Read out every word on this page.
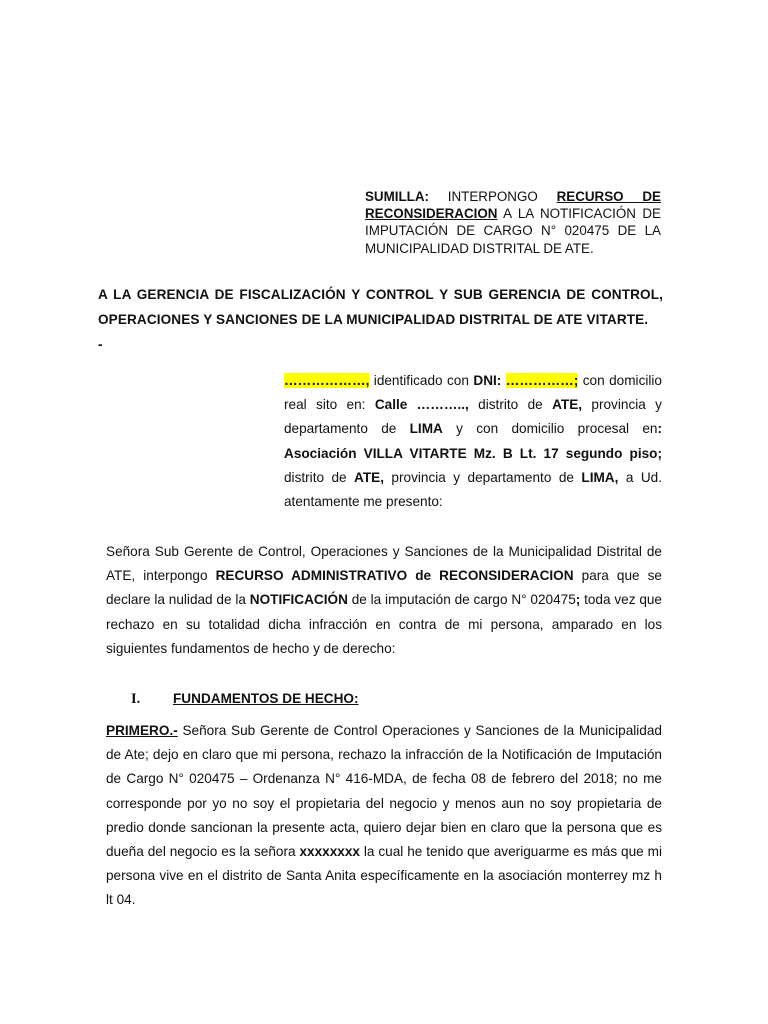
SUMILLA: INTERPONGO RECURSO DE RECONSIDERACION A LA NOTIFICACIÓN DE IMPUTACIÓN DE CARGO N° 020475 DE LA MUNICIPALIDAD DISTRITAL DE ATE.

A LA GERENCIA DE FISCALIZACIÓN Y CONTROL Y SUB GERENCIA DE CONTROL, OPERACIONES Y SANCIONES DE LA MUNICIPALIDAD DISTRITAL DE ATE VITARTE.
-

………………, identificado con DNI: ……………; con domicilio real sito en: Calle ……….., distrito de ATE, provincia y departamento de LIMA y con domicilio procesal en: Asociación VILLA VITARTE Mz. B Lt. 17 segundo piso; distrito de ATE, provincia y departamento de LIMA, a Ud. atentamente me presento:

Señora Sub Gerente de Control, Operaciones y Sanciones de la Municipalidad Distrital de ATE, interpongo RECURSO ADMINISTRATIVO de RECONSIDERACION para que se declare la nulidad de la NOTIFICACIÓN de la imputación de cargo N° 020475; toda vez que rechazo en su totalidad dicha infracción en contra de mi persona, amparado en los siguientes fundamentos de hecho y de derecho:

I. FUNDAMENTOS DE HECHO:

PRIMERO.- Señora Sub Gerente de Control Operaciones y Sanciones de la Municipalidad de Ate; dejo en claro que mi persona, rechazo la infracción de la Notificación de Imputación de Cargo N° 020475 – Ordenanza N° 416-MDA, de fecha 08 de febrero del 2018; no me corresponde por yo no soy el propietaria del negocio y menos aun no soy propietaria de predio donde sancionan la presente acta, quiero dejar bien en claro que la persona que es dueña del negocio es la señora xxxxxxxx la cual he tenido que averiguarme es más que mi persona vive en el distrito de Santa Anita específicamente en la asociación monterrey mz h lt 04.
